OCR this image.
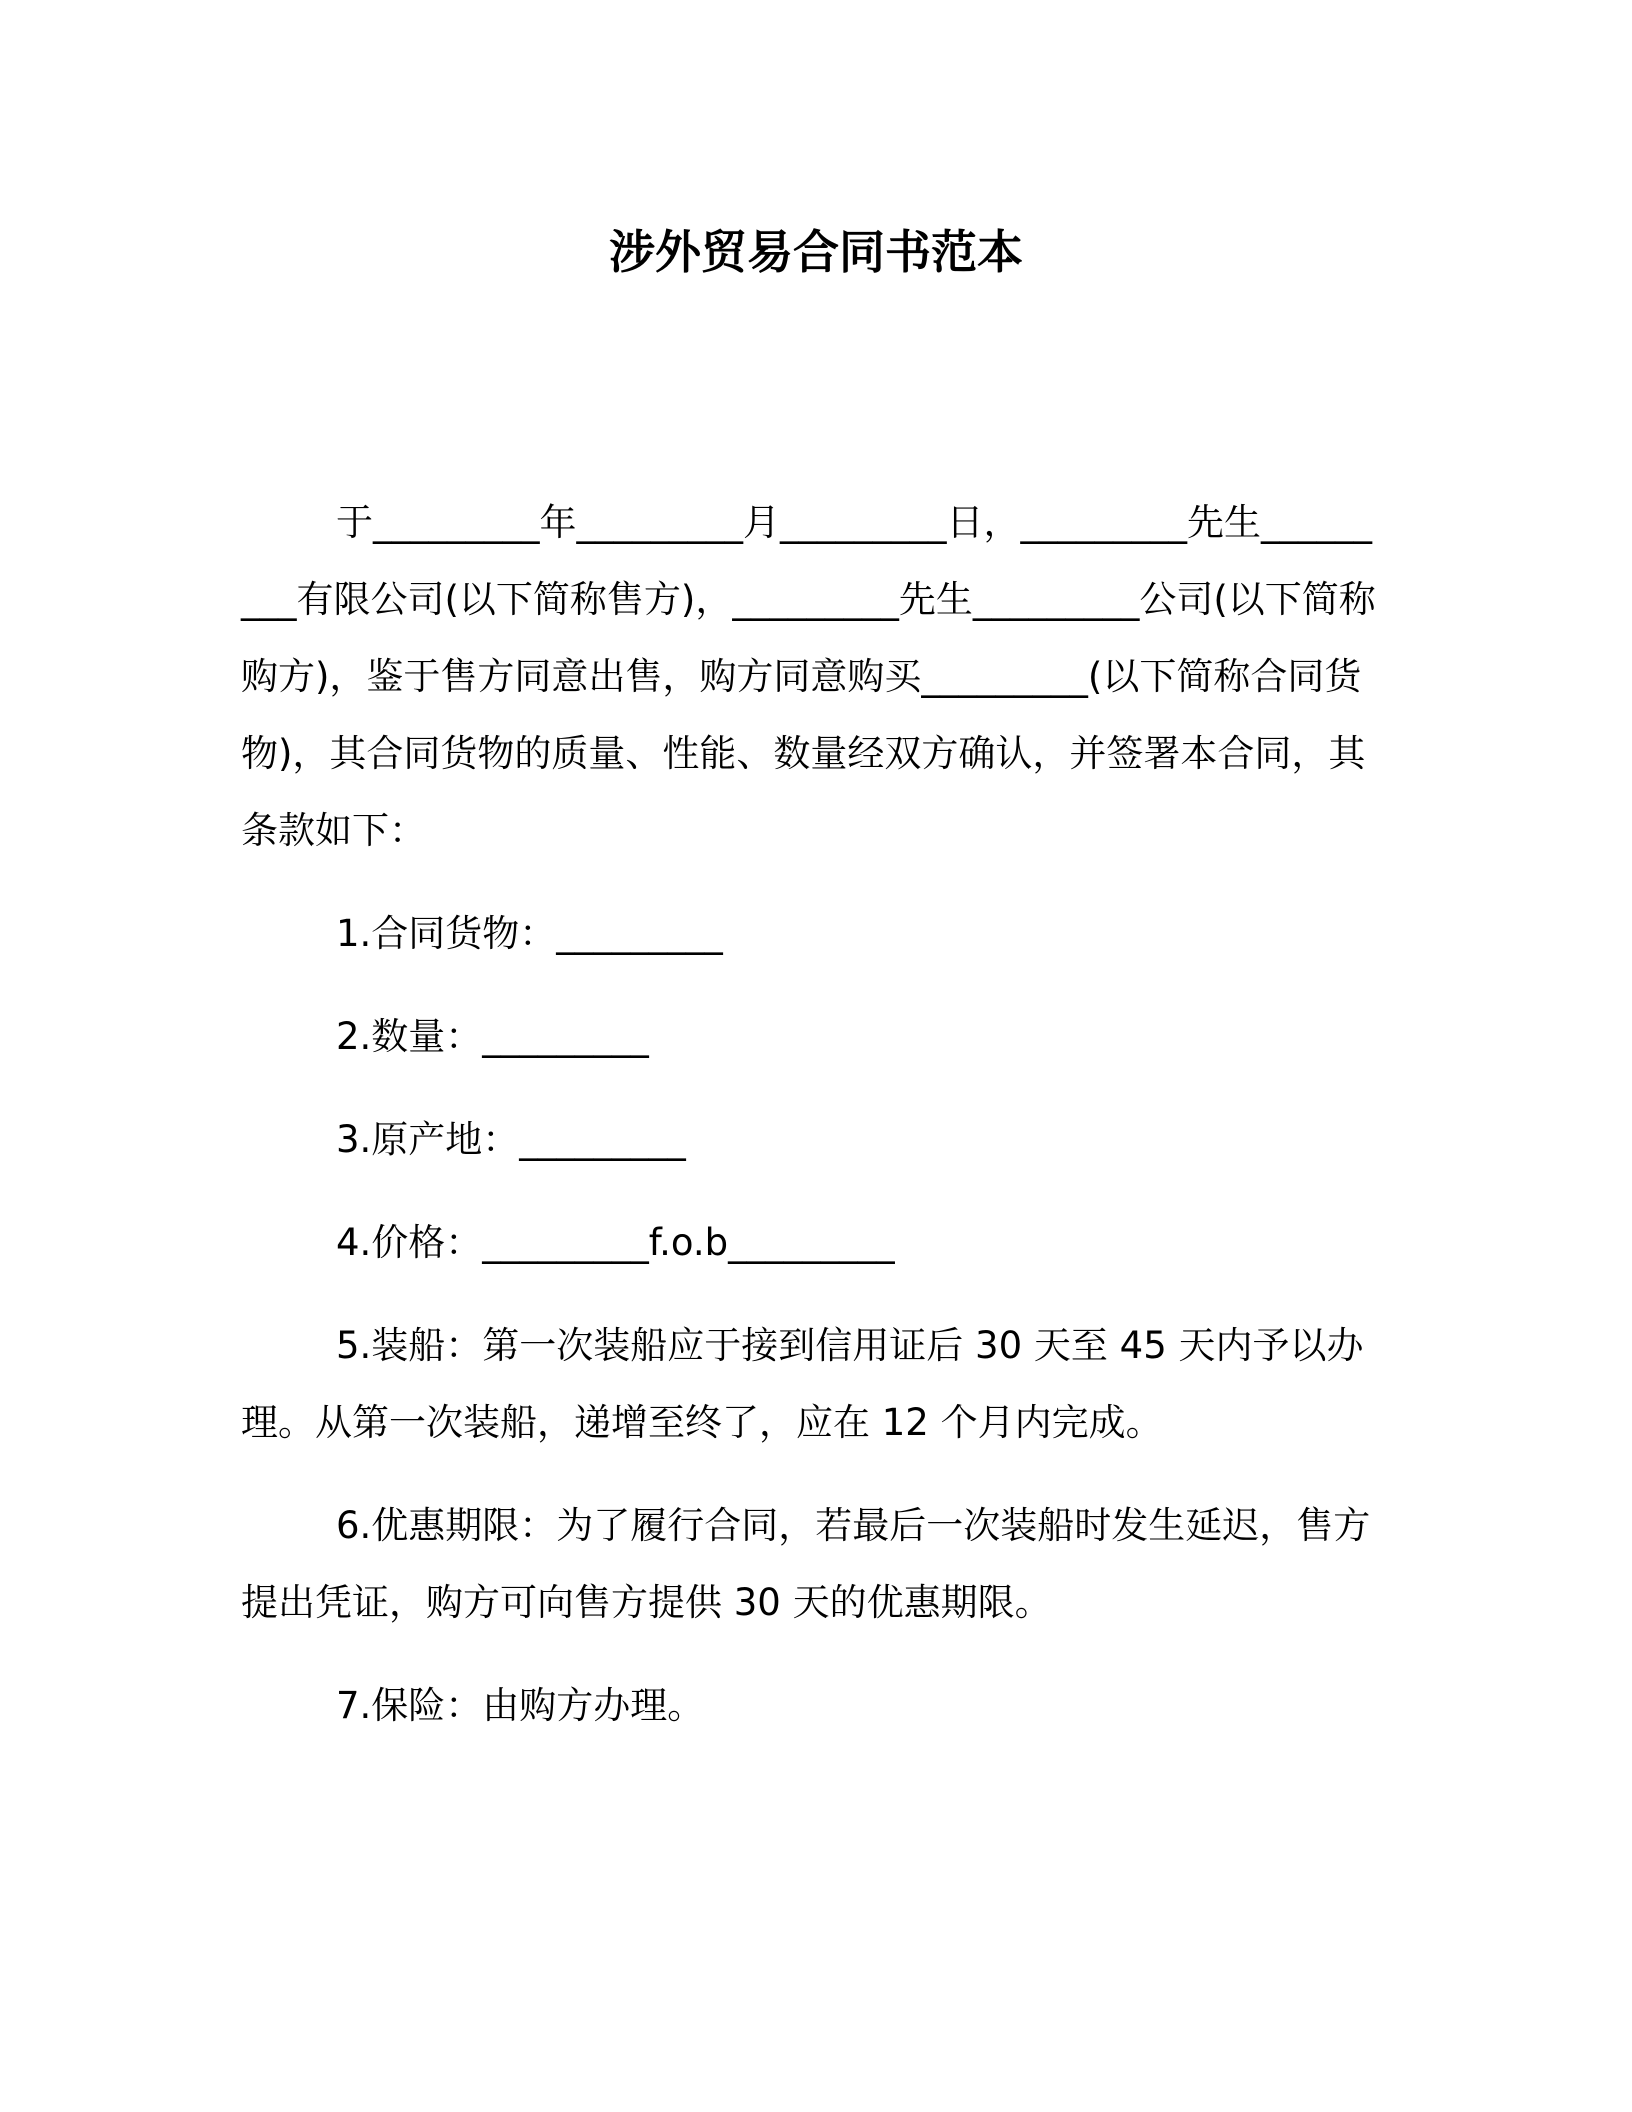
涉外贸易合同书范本

于_________年_________月_________日，_________先生_________有限公司(以下简称售方)，_________先生_________公司(以下简称购方)，鉴于售方同意出售，购方同意购买_________(以下简称合同货物)，其合同货物的质量、性能、数量经双方确认，并签署本合同，其条款如下：

1.合同货物：_________

2.数量：_________

3.原产地：_________

4.价格：_________f.o.b_________

5.装船：第一次装船应于接到信用证后 30 天至 45 天内予以办理。从第一次装船，递增至终了，应在 12 个月内完成。

6.优惠期限：为了履行合同，若最后一次装船时发生延迟，售方提出凭证，购方可向售方提供 30 天的优惠期限。

7.保险：由购方办理。
